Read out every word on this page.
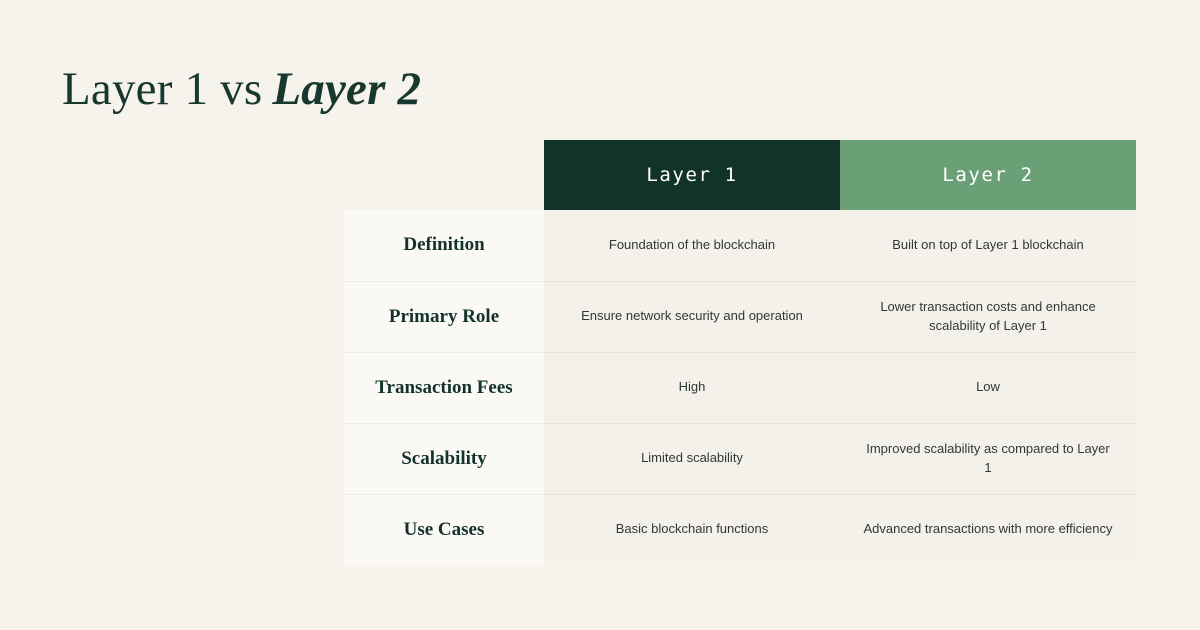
Layer 1 vs Layer 2
	Layer 1	Layer 2
Definition	Foundation of the blockchain	Built on top of Layer 1 blockchain
Primary Role	Ensure network security and operation	Lower transaction costs and enhance scalability of Layer 1
Transaction Fees	High	Low
Scalability	Limited scalability	Improved scalability as compared to Layer 1
Use Cases	Basic blockchain functions	Advanced transactions with more efficiency
